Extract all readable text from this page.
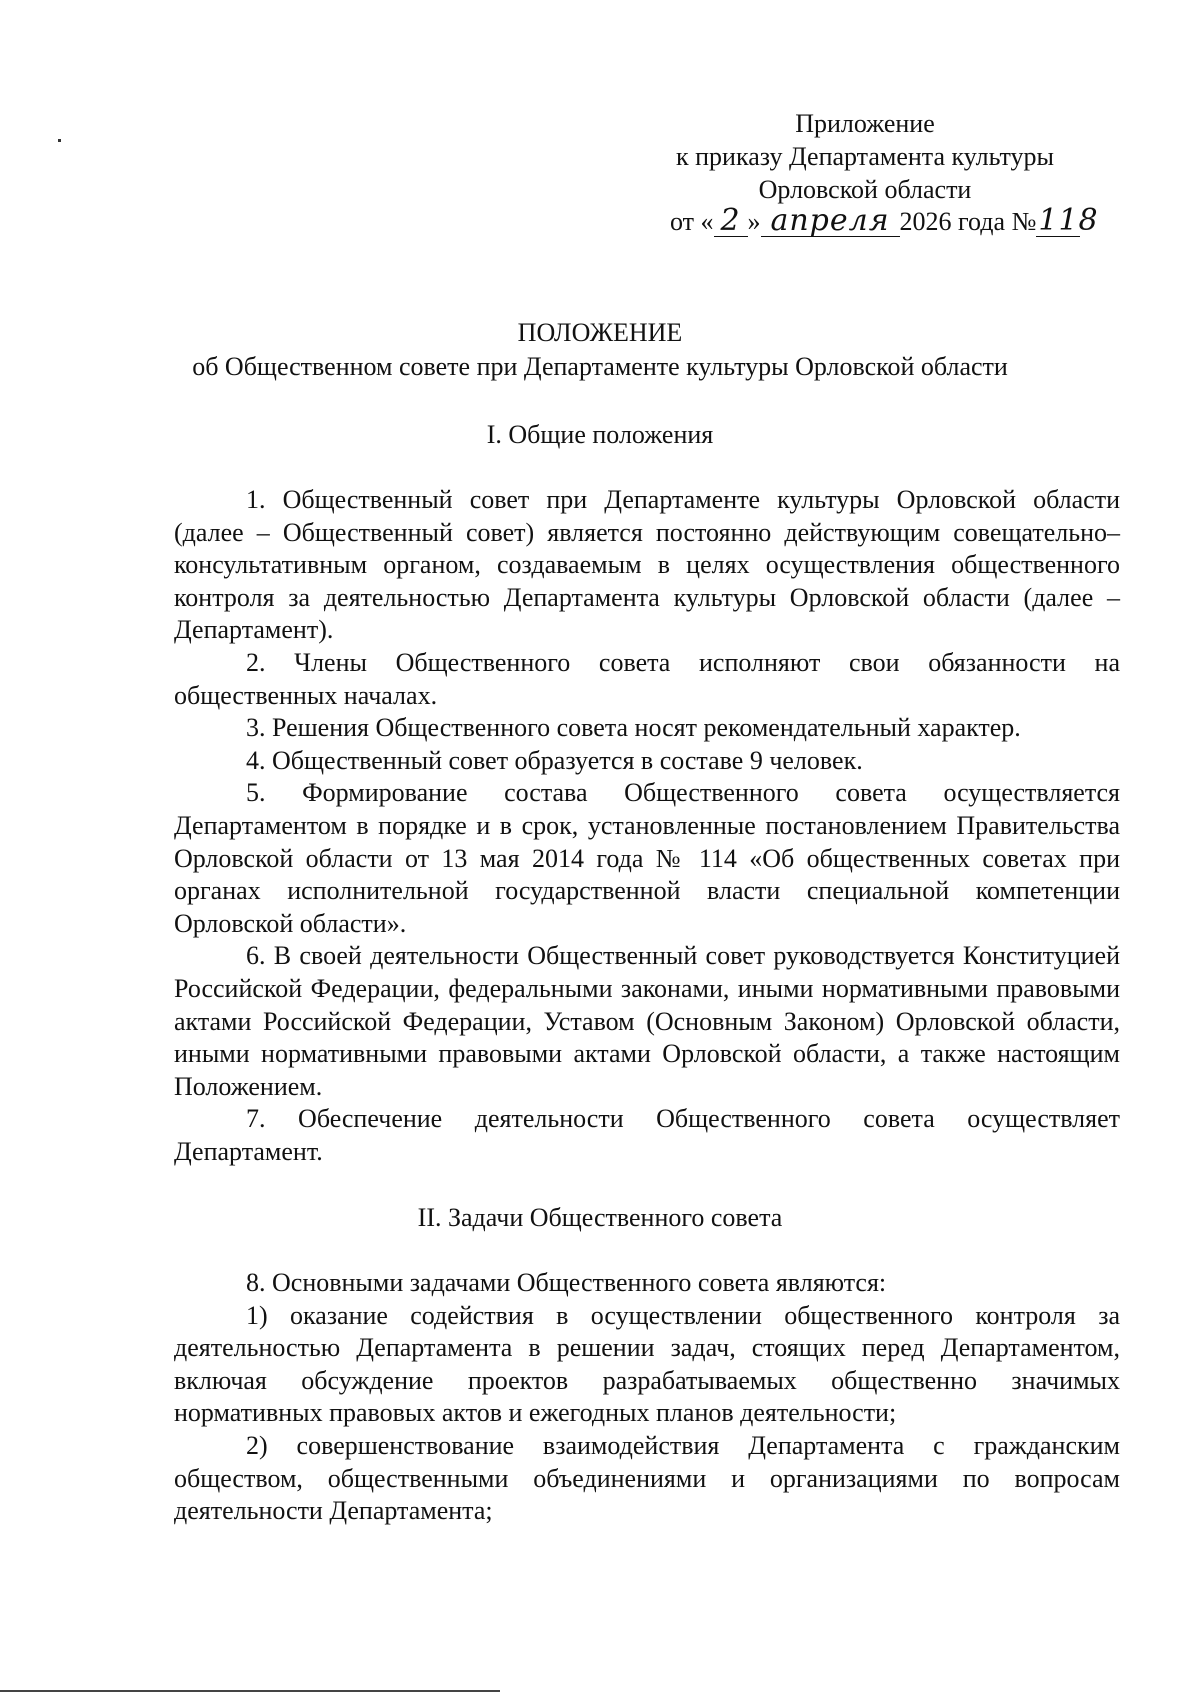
Приложение
к приказу Департамента культуры
Орловской области
от « 2 » апреля 2026 года №118
ПОЛОЖЕНИЕ
об Общественном совете при Департаменте культуры Орловской области
I. Общие положения

1. Общественный совет при Департаменте культуры Орловской области (далее – Общественный совет) является постоянно действующим совещательно–консультативным органом, создаваемым в целях осуществления общественного контроля за деятельностью Департамента культуры Орловской области (далее – Департамент).

2. Члены Общественного совета исполняют свои обязанности на общественных началах.

3. Решения Общественного совета носят рекомендательный характер.

4. Общественный совет образуется в составе 9 человек.

5. Формирование состава Общественного совета осуществляется Департаментом в порядке и в срок, установленные постановлением Правительства Орловской области от 13 мая 2014 года № 114 «Об общественных советах при органах исполнительной государственной власти специальной компетенции Орловской области».

6. В своей деятельности Общественный совет руководствуется Конституцией Российской Федерации, федеральными законами, иными нормативными правовыми актами Российской Федерации, Уставом (Основным Законом) Орловской области, иными нормативными правовыми актами Орловской области, а также настоящим Положением.

7. Обеспечение деятельности Общественного совета осуществляет Департамент.

II. Задачи Общественного совета

8. Основными задачами Общественного совета являются:

1) оказание содействия в осуществлении общественного контроля за деятельностью Департамента в решении задач, стоящих перед Департаментом, включая обсуждение проектов разрабатываемых общественно значимых нормативных правовых актов и ежегодных планов деятельности;

2) совершенствование взаимодействия Департамента с гражданским обществом, общественными объединениями и организациями по вопросам деятельности Департамента;
